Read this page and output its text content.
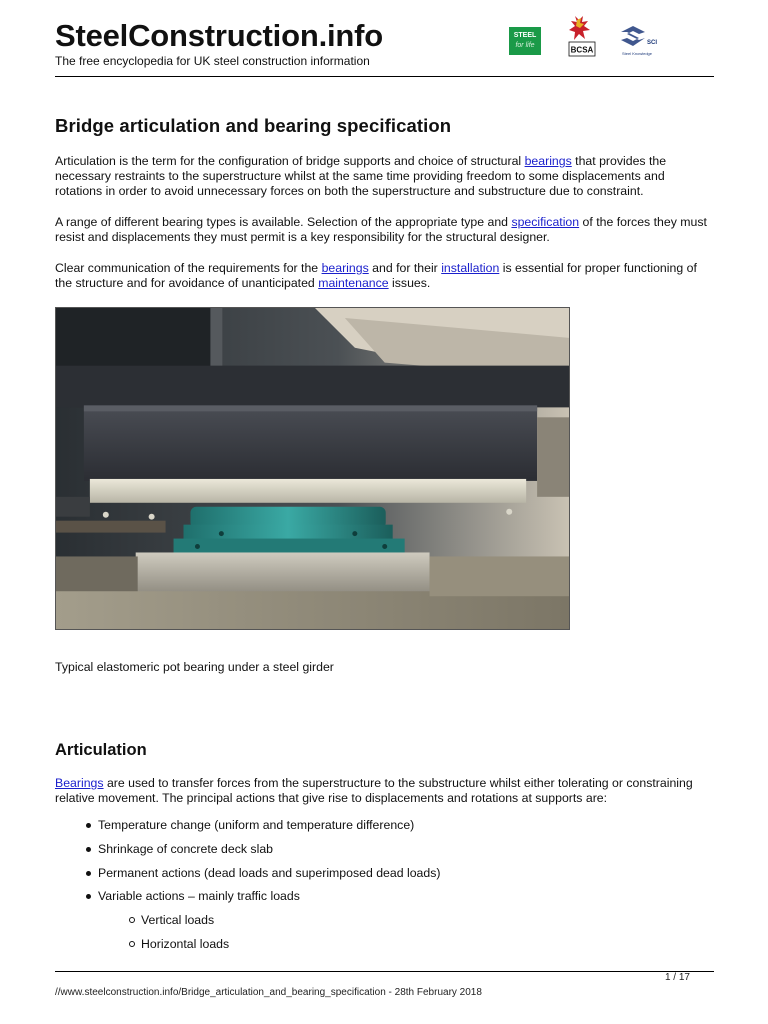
SteelConstruction.info
The free encyclopedia for UK steel construction information
STEEL
for life	BCSA
SCI
Steel Knowledge
Bridge articulation and bearing specification

Articulation is the term for the configuration of bridge supports and choice of structural bearings that provides the necessary restraints to the superstructure whilst at the same time providing freedom to some displacements and rotations in order to avoid unnecessary forces on both the superstructure and substructure due to constraint.

A range of different bearing types is available. Selection of the appropriate type and specification of the forces they must resist and displacements they must permit is a key responsibility for the structural designer.

Clear communication of the requirements for the bearings and for their installation is essential for proper functioning of the structure and for avoidance of unanticipated maintenance issues.

Typical elastomeric pot bearing under a steel girder
Articulation

Bearings are used to transfer forces from the superstructure to the substructure whilst either tolerating or constraining relative movement. The principal actions that give rise to displacements and rotations at supports are:

Temperature change (uniform and temperature difference)
Shrinkage of concrete deck slab
Permanent actions (dead loads and superimposed dead loads)
Variable actions – mainly traffic loads
Vertical loads
Horizontal loads
1 / 17
//www.steelconstruction.info/Bridge_articulation_and_bearing_specification - 28th February 2018
